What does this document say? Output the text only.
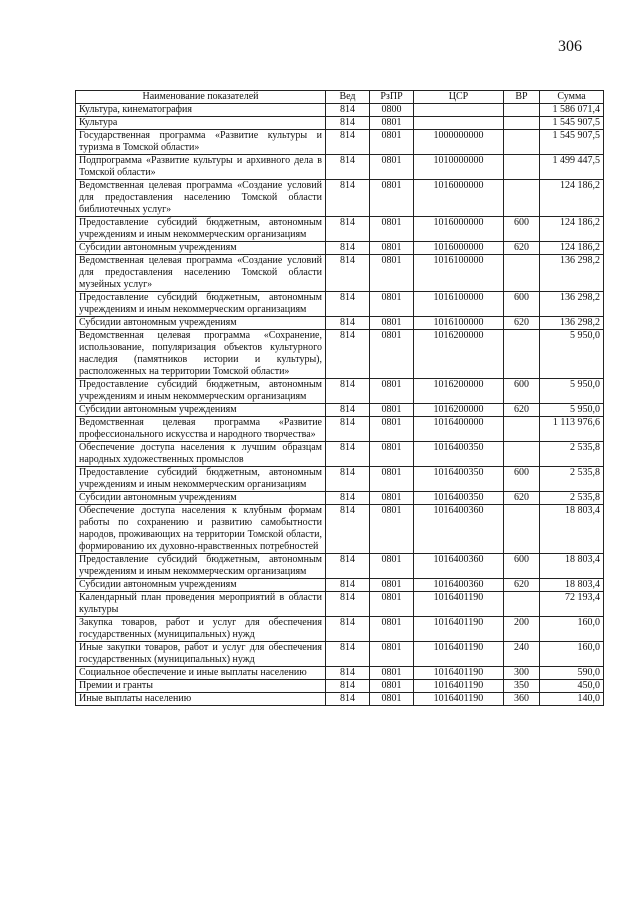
306
Наименование показателей	Вед	РзПР	ЦСР	ВР	Сумма
Культура, кинематография	814	0800			1 586 071,4
Культура	814	0801			1 545 907,5
Государственная программа «Развитие культуры и туризма в Томской области»	814	0801	1000000000		1 545 907,5
Подпрограмма «Развитие культуры и архивного дела в Томской области»	814	0801	1010000000		1 499 447,5
Ведомственная целевая программа «Создание условий для предоставления населению Томской области библиотечных услуг»	814	0801	1016000000		124 186,2
Предоставление субсидий бюджетным, автономным учреждениям и иным некоммерческим организациям	814	0801	1016000000	600	124 186,2
Субсидии автономным учреждениям	814	0801	1016000000	620	124 186,2
Ведомственная целевая программа «Создание условий для предоставления населению Томской области музейных услуг»	814	0801	1016100000		136 298,2
Предоставление субсидий бюджетным, автономным учреждениям и иным некоммерческим организациям	814	0801	1016100000	600	136 298,2
Субсидии автономным учреждениям	814	0801	1016100000	620	136 298,2
Ведомственная целевая программа «Сохранение, использование, популяризация объектов культурного наследия (памятников истории и культуры), расположенных на территории Томской области»	814	0801	1016200000		5 950,0
Предоставление субсидий бюджетным, автономным учреждениям и иным некоммерческим организациям	814	0801	1016200000	600	5 950,0
Субсидии автономным учреждениям	814	0801	1016200000	620	5 950,0
Ведомственная целевая программа «Развитие профессионального искусства и народного творчества»	814	0801	1016400000		1 113 976,6
Обеспечение доступа населения к лучшим образцам народных художественных промыслов	814	0801	1016400350		2 535,8
Предоставление субсидий бюджетным, автономным учреждениям и иным некоммерческим организациям	814	0801	1016400350	600	2 535,8
Субсидии автономным учреждениям	814	0801	1016400350	620	2 535,8
Обеспечение доступа населения к клубным формам работы по сохранению и развитию самобытности народов, проживающих на территории Томской области, формированию их духовно-нравственных потребностей	814	0801	1016400360		18 803,4
Предоставление субсидий бюджетным, автономным учреждениям и иным некоммерческим организациям	814	0801	1016400360	600	18 803,4
Субсидии автономным учреждениям	814	0801	1016400360	620	18 803,4
Календарный план проведения мероприятий в области культуры	814	0801	1016401190		72 193,4
Закупка товаров, работ и услуг для обеспечения государственных (муниципальных) нужд	814	0801	1016401190	200	160,0
Иные закупки товаров, работ и услуг для обеспечения государственных (муниципальных) нужд	814	0801	1016401190	240	160,0
Социальное обеспечение и иные выплаты населению	814	0801	1016401190	300	590,0
Премии и гранты	814	0801	1016401190	350	450,0
Иные выплаты населению	814	0801	1016401190	360	140,0
